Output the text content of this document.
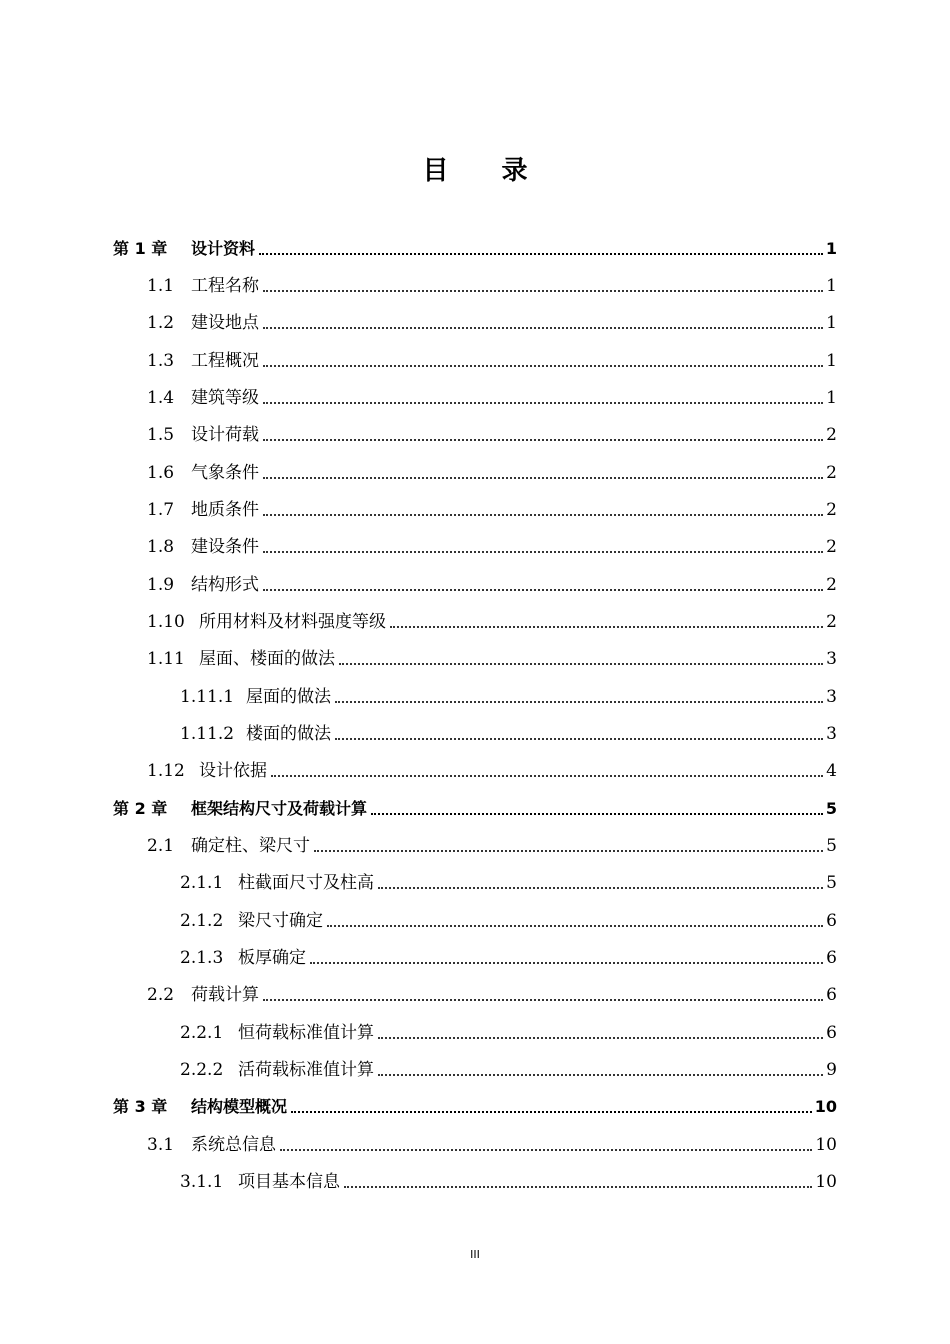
目 录
第 1 章	设计资料	1
1.1 工程名称	1
1.2 建设地点	1
1.3 工程概况	1
1.4 建筑等级	1
1.5 设计荷载	2
1.6 气象条件	2
1.7 地质条件	2
1.8 建设条件	2
1.9 结构形式	2
1.10 所用材料及材料强度等级	2
1.11 屋面、楼面的做法	3
1.11.1 屋面的做法	3
1.11.2 楼面的做法	3
1.12 设计依据	4
第 2 章	框架结构尺寸及荷载计算	5
2.1 确定柱、梁尺寸	5
2.1.1 柱截面尺寸及柱高	5
2.1.2 梁尺寸确定	6
2.1.3 板厚确定	6
2.2 荷载计算	6
2.2.1 恒荷载标准值计算	6
2.2.2 活荷载标准值计算	9
第 3 章	结构模型概况	10
3.1 系统总信息	10
3.1.1 项目基本信息	10
III
